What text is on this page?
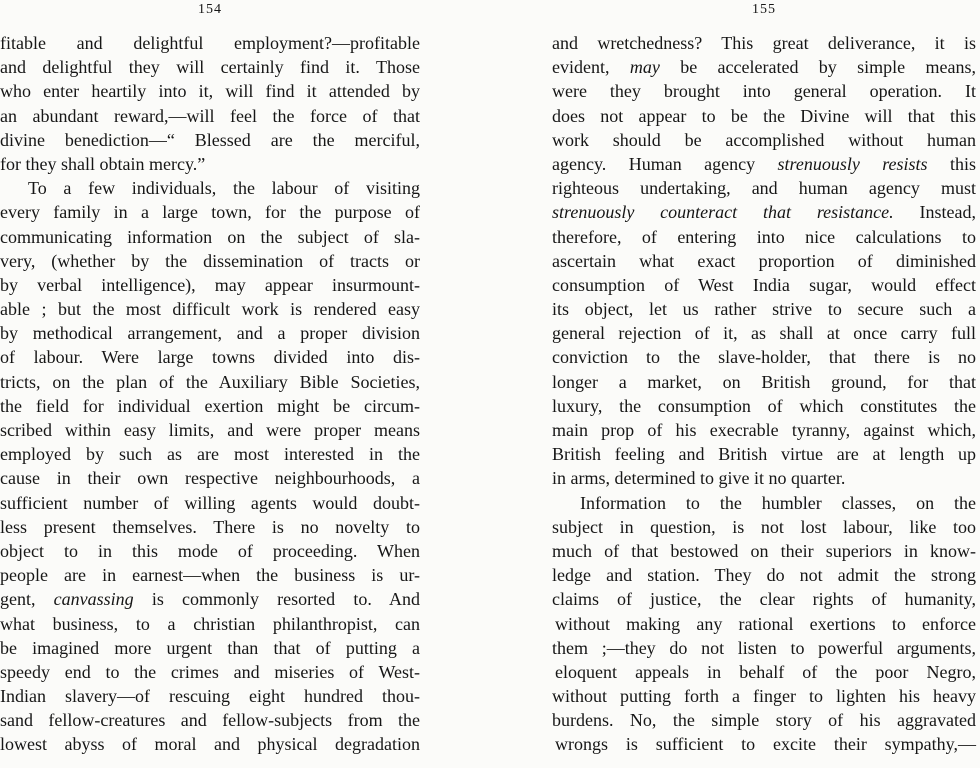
154
fitable and delightful employment?—profitable
and delightful they will certainly find it. Those
who enter heartily into it, will find it attended by
an abundant reward,—will feel the force of that
divine benediction—“ Blessed are the merciful,
for they shall obtain mercy.”
To a few individuals, the labour of visiting
every family in a large town, for the purpose of
communicating information on the subject of sla-
very, (whether by the dissemination of tracts or
by verbal intelligence), may appear insurmount-
able ; but the most difficult work is rendered easy
by methodical arrangement, and a proper division
of labour. Were large towns divided into dis-
tricts, on the plan of the Auxiliary Bible Societies,
the field for individual exertion might be circum-
scribed within easy limits, and were proper means
employed by such as are most interested in the
cause in their own respective neighbourhoods, a
sufficient number of willing agents would doubt-
less present themselves. There is no novelty to
object to in this mode of proceeding. When
people are in earnest—when the business is ur-
gent, canvassing is commonly resorted to. And
what business, to a christian philanthropist, can
be imagined more urgent than that of putting a
speedy end to the crimes and miseries of West-
Indian slavery—of rescuing eight hundred thou-
sand fellow-creatures and fellow-subjects from the
lowest abyss of moral and physical degradation
155
and wretchedness? This great deliverance, it is
evident, may be accelerated by simple means,
were they brought into general operation. It
does not appear to be the Divine will that this
work should be accomplished without human
agency. Human agency strenuously resists this
righteous undertaking, and human agency must
strenuously counteract that resistance. Instead,
therefore, of entering into nice calculations to
ascertain what exact proportion of diminished
consumption of West India sugar, would effect
its object, let us rather strive to secure such a
general rejection of it, as shall at once carry full
conviction to the slave-holder, that there is no
longer a market, on British ground, for that
luxury, the consumption of which constitutes the
main prop of his execrable tyranny, against which,
British feeling and British virtue are at length up
in arms, determined to give it no quarter.
Information to the humbler classes, on the
subject in question, is not lost labour, like too
much of that bestowed on their superiors in know-
ledge and station. They do not admit the strong
claims of justice, the clear rights of humanity,
without making any rational exertions to enforce
them ;—they do not listen to powerful arguments,
eloquent appeals in behalf of the poor Negro,
without putting forth a finger to lighten his heavy
burdens. No, the simple story of his aggravated
wrongs is sufficient to excite their sympathy,—
